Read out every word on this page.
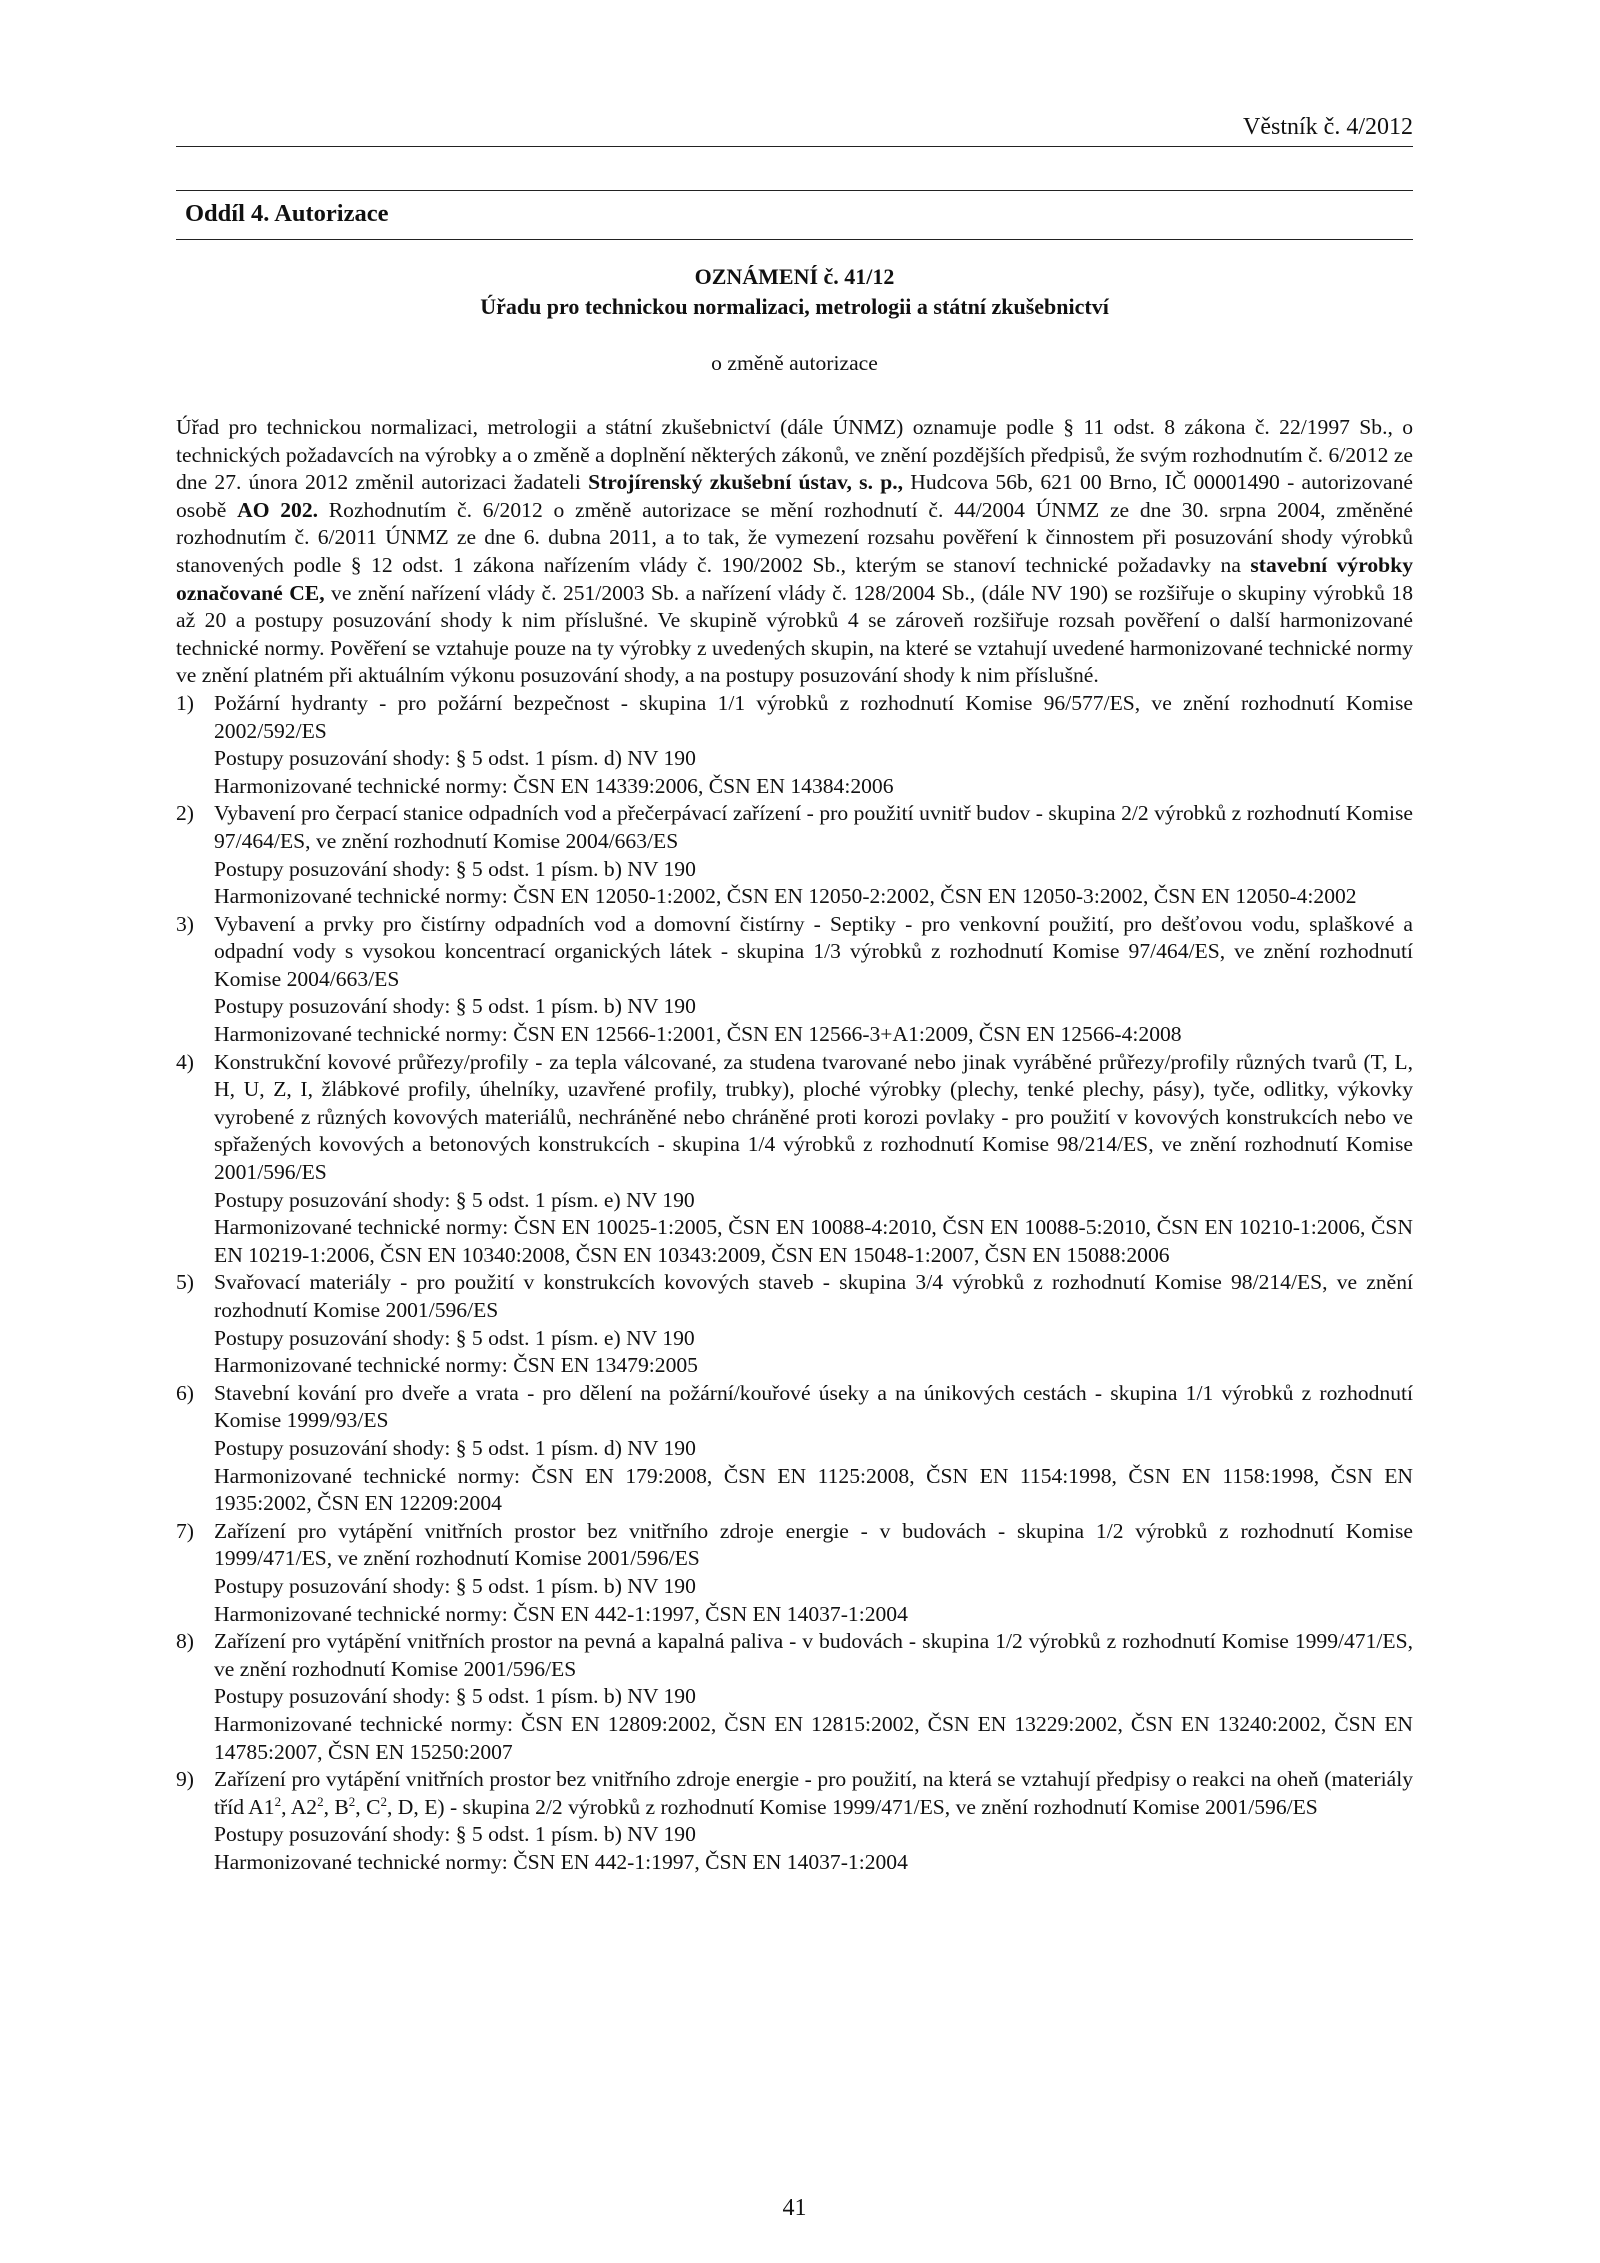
Věstník č. 4/2012
Oddíl 4. Autorizace
OZNÁMENÍ č. 41/12
Úřadu pro technickou normalizaci, metrologii a státní zkušebnictví
o změně autorizace

Úřad pro technickou normalizaci, metrologii a státní zkušebnictví (dále ÚNMZ) oznamuje podle § 11 odst. 8 zákona č. 22/1997 Sb., o technických požadavcích na výrobky a o změně a doplnění některých zákonů, ve znění pozdějších předpisů, že svým rozhodnutím č. 6/2012 ze dne 27. února 2012 změnil autorizaci žadateli Strojírenský zkušební ústav, s. p., Hudcova 56b, 621 00 Brno, IČ 00001490 - autorizované osobě AO 202. Rozhodnutím č. 6/2012 o změně autorizace se mění rozhodnutí č. 44/2004 ÚNMZ ze dne 30. srpna 2004, změněné rozhodnutím č. 6/2011 ÚNMZ ze dne 6. dubna 2011, a to tak, že vymezení rozsahu pověření k činnostem při posuzování shody výrobků stanovených podle § 12 odst. 1 zákona nařízením vlády č. 190/2002 Sb., kterým se stanoví technické požadavky na stavební výrobky označované CE, ve znění nařízení vlády č. 251/2003 Sb. a nařízení vlády č. 128/2004 Sb., (dále NV 190) se rozšiřuje o skupiny výrobků 18 až 20 a postupy posuzování shody k nim příslušné. Ve skupině výrobků 4 se zároveň rozšiřuje rozsah pověření o další harmonizované technické normy. Pověření se vztahuje pouze na ty výrobky z uvedených skupin, na které se vztahují uvedené harmonizované technické normy ve znění platném při aktuálním výkonu posuzování shody, a na postupy posuzování shody k nim příslušné.

1) Požární hydranty - pro požární bezpečnost - skupina 1/1 výrobků z rozhodnutí Komise 96/577/ES, ve znění rozhodnutí Komise 2002/592/ES

Postupy posuzování shody: § 5 odst. 1 písm. d) NV 190

Harmonizované technické normy: ČSN EN 14339:2006, ČSN EN 14384:2006

2) Vybavení pro čerpací stanice odpadních vod a přečerpávací zařízení - pro použití uvnitř budov - skupina 2/2 výrobků z rozhodnutí Komise 97/464/ES, ve znění rozhodnutí Komise 2004/663/ES

Postupy posuzování shody: § 5 odst. 1 písm. b) NV 190

Harmonizované technické normy: ČSN EN 12050-1:2002, ČSN EN 12050-2:2002, ČSN EN 12050-3:2002, ČSN EN 12050-4:2002

3) Vybavení a prvky pro čistírny odpadních vod a domovní čistírny - Septiky - pro venkovní použití, pro dešťovou vodu, splaškové a odpadní vody s vysokou koncentrací organických látek - skupina 1/3 výrobků z rozhodnutí Komise 97/464/ES, ve znění rozhodnutí Komise 2004/663/ES

Postupy posuzování shody: § 5 odst. 1 písm. b) NV 190

Harmonizované technické normy: ČSN EN 12566-1:2001, ČSN EN 12566-3+A1:2009, ČSN EN 12566-4:2008

4) Konstrukční kovové průřezy/profily - za tepla válcované, za studena tvarované nebo jinak vyráběné průřezy/profily různých tvarů (T, L, H, U, Z, I, žlábkové profily, úhelníky, uzavřené profily, trubky), ploché výrobky (plechy, tenké plechy, pásy), tyče, odlitky, výkovky vyrobené z různých kovových materiálů, nechráněné nebo chráněné proti korozi povlaky - pro použití v kovových konstrukcích nebo ve spřažených kovových a betonových konstrukcích - skupina 1/4 výrobků z rozhodnutí Komise 98/214/ES, ve znění rozhodnutí Komise 2001/596/ES

Postupy posuzování shody: § 5 odst. 1 písm. e) NV 190

Harmonizované technické normy: ČSN EN 10025-1:2005, ČSN EN 10088-4:2010, ČSN EN 10088-5:2010, ČSN EN 10210-1:2006, ČSN EN 10219-1:2006, ČSN EN 10340:2008, ČSN EN 10343:2009, ČSN EN 15048-1:2007, ČSN EN 15088:2006

5) Svařovací materiály - pro použití v konstrukcích kovových staveb - skupina 3/4 výrobků z rozhodnutí Komise 98/214/ES, ve znění rozhodnutí Komise 2001/596/ES

Postupy posuzování shody: § 5 odst. 1 písm. e) NV 190

Harmonizované technické normy: ČSN EN 13479:2005

6) Stavební kování pro dveře a vrata - pro dělení na požární/kouřové úseky a na únikových cestách - skupina 1/1 výrobků z rozhodnutí Komise 1999/93/ES

Postupy posuzování shody: § 5 odst. 1 písm. d) NV 190

Harmonizované technické normy: ČSN EN 179:2008, ČSN EN 1125:2008, ČSN EN 1154:1998, ČSN EN 1158:1998, ČSN EN 1935:2002, ČSN EN 12209:2004

7) Zařízení pro vytápění vnitřních prostor bez vnitřního zdroje energie - v budovách - skupina 1/2 výrobků z rozhodnutí Komise 1999/471/ES, ve znění rozhodnutí Komise 2001/596/ES

Postupy posuzování shody: § 5 odst. 1 písm. b) NV 190

Harmonizované technické normy: ČSN EN 442-1:1997, ČSN EN 14037-1:2004

8) Zařízení pro vytápění vnitřních prostor na pevná a kapalná paliva - v budovách - skupina 1/2 výrobků z rozhodnutí Komise 1999/471/ES, ve znění rozhodnutí Komise 2001/596/ES

Postupy posuzování shody: § 5 odst. 1 písm. b) NV 190

Harmonizované technické normy: ČSN EN 12809:2002, ČSN EN 12815:2002, ČSN EN 13229:2002, ČSN EN 13240:2002, ČSN EN 14785:2007, ČSN EN 15250:2007

9) Zařízení pro vytápění vnitřních prostor bez vnitřního zdroje energie - pro použití, na která se vztahují předpisy o reakci na oheň (materiály tříd $A1^2$, $A2^2$, $B^2$, $C^2$, D, E) - skupina 2/2 výrobků z rozhodnutí Komise 1999/471/ES, ve znění rozhodnutí Komise 2001/596/ES

Postupy posuzování shody: § 5 odst. 1 písm. b) NV 190

Harmonizované technické normy: ČSN EN 442-1:1997, ČSN EN 14037-1:2004

41
